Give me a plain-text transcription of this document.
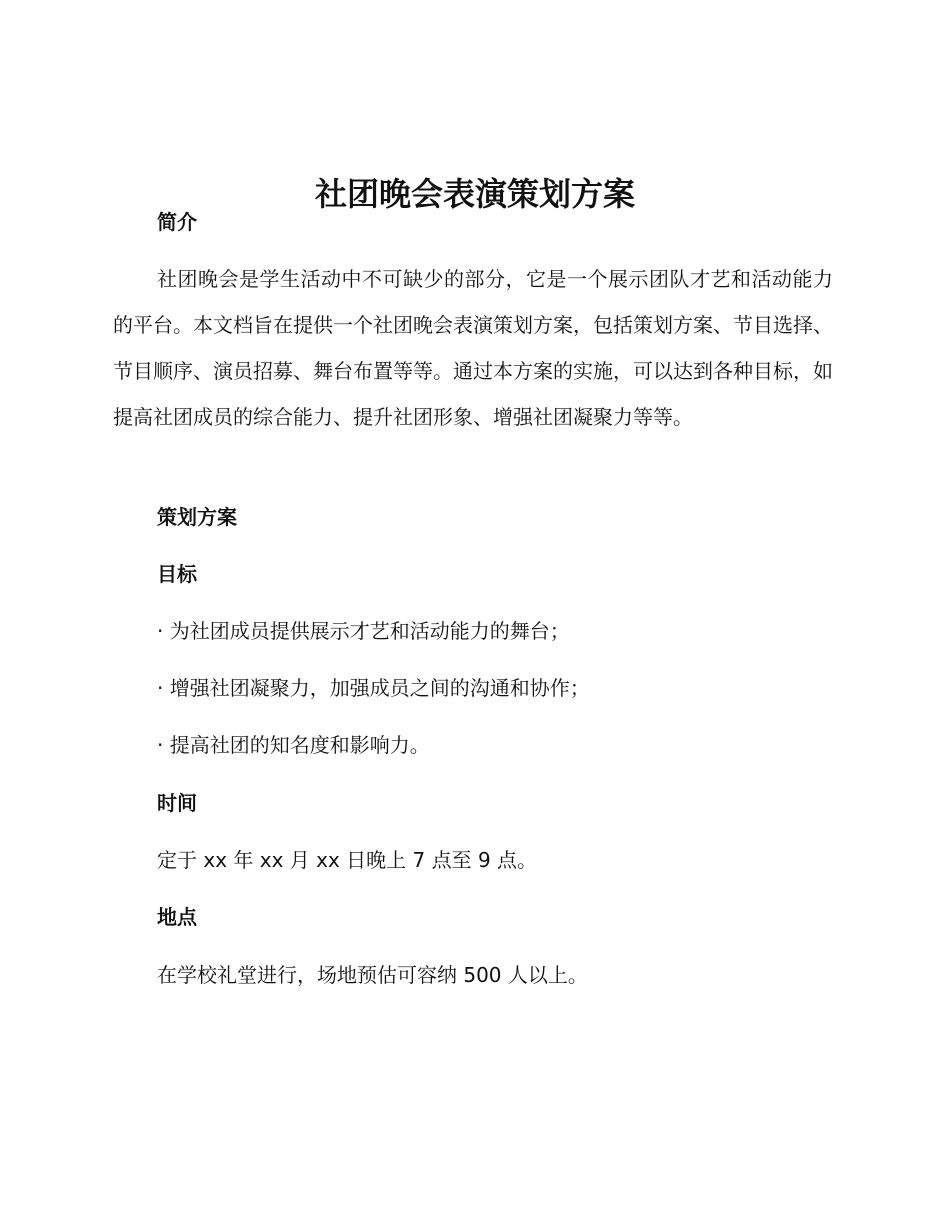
社团晚会表演策划方案
简介

社团晚会是学生活动中不可缺少的部分，它是一个展示团队才艺和活动能力的平台。本文档旨在提供一个社团晚会表演策划方案，包括策划方案、节目选择、节目顺序、演员招募、舞台布置等等。通过本方案的实施，可以达到各种目标，如提高社团成员的综合能力、提升社团形象、增强社团凝聚力等等。

策划方案
目标

· 为社团成员提供展示才艺和活动能力的舞台；

· 增强社团凝聚力，加强成员之间的沟通和协作；

· 提高社团的知名度和影响力。

时间

定于 xx 年 xx 月 xx 日晚上 7 点至 9 点。

地点

在学校礼堂进行，场地预估可容纳 500 人以上。
